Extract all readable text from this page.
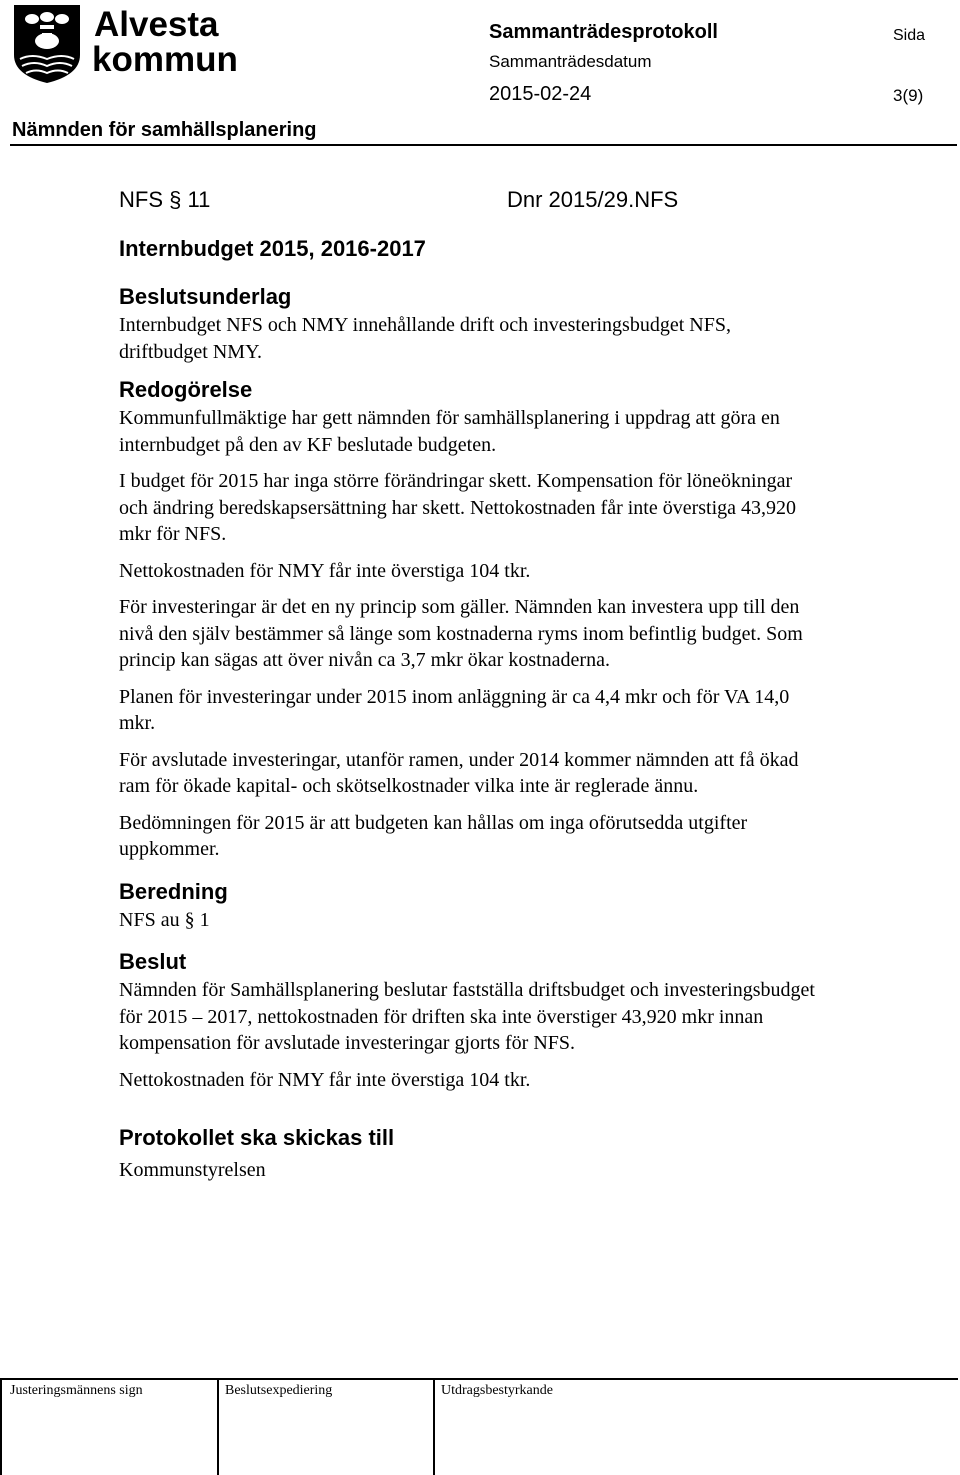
Alvesta
kommun
Sammanträdesprotokoll	Sida
Sammanträdesdatum
2015-02-24	3(9)
Nämnden för samhällsplanering
NFS § 11	Dnr 2015/29.NFS
Internbudget 2015, 2016-2017
Beslutsunderlag

Internbudget NFS och NMY innehållande drift och investeringsbudget NFS, driftbudget NMY.

Redogörelse

Kommunfullmäktige har gett nämnden för samhällsplanering i uppdrag att göra en internbudget på den av KF beslutade budgeten.

I budget för 2015 har inga större förändringar skett. Kompensation för löneökningar och ändring beredskapsersättning har skett. Nettokostnaden får inte överstiga 43,920 mkr för NFS.

Nettokostnaden för NMY får inte överstiga 104 tkr.

För investeringar är det en ny princip som gäller. Nämnden kan investera upp till den nivå den själv bestämmer så länge som kostnaderna ryms inom befintlig budget. Som princip kan sägas att över nivån ca 3,7 mkr ökar kostnaderna.

Planen för investeringar under 2015 inom anläggning är ca 4,4 mkr och för VA 14,0 mkr.

För avslutade investeringar, utanför ramen, under 2014 kommer nämnden att få ökad ram för ökade kapital- och skötselkostnader vilka inte är reglerade ännu.

Bedömningen för 2015 är att budgeten kan hållas om inga oförutsedda utgifter uppkommer.

Beredning

NFS au § 1

Beslut

Nämnden för Samhällsplanering beslutar fastställa driftsbudget och investeringsbudget för 2015 – 2017, nettokostnaden för driften ska inte överstiger 43,920 mkr innan kompensation för avslutade investeringar gjorts för NFS.

Nettokostnaden för NMY får inte överstiga 104 tkr.

Protokollet ska skickas till

Kommunstyrelsen

Justeringsmännens sign	Beslutsexpediering	Utdragsbestyrkande
